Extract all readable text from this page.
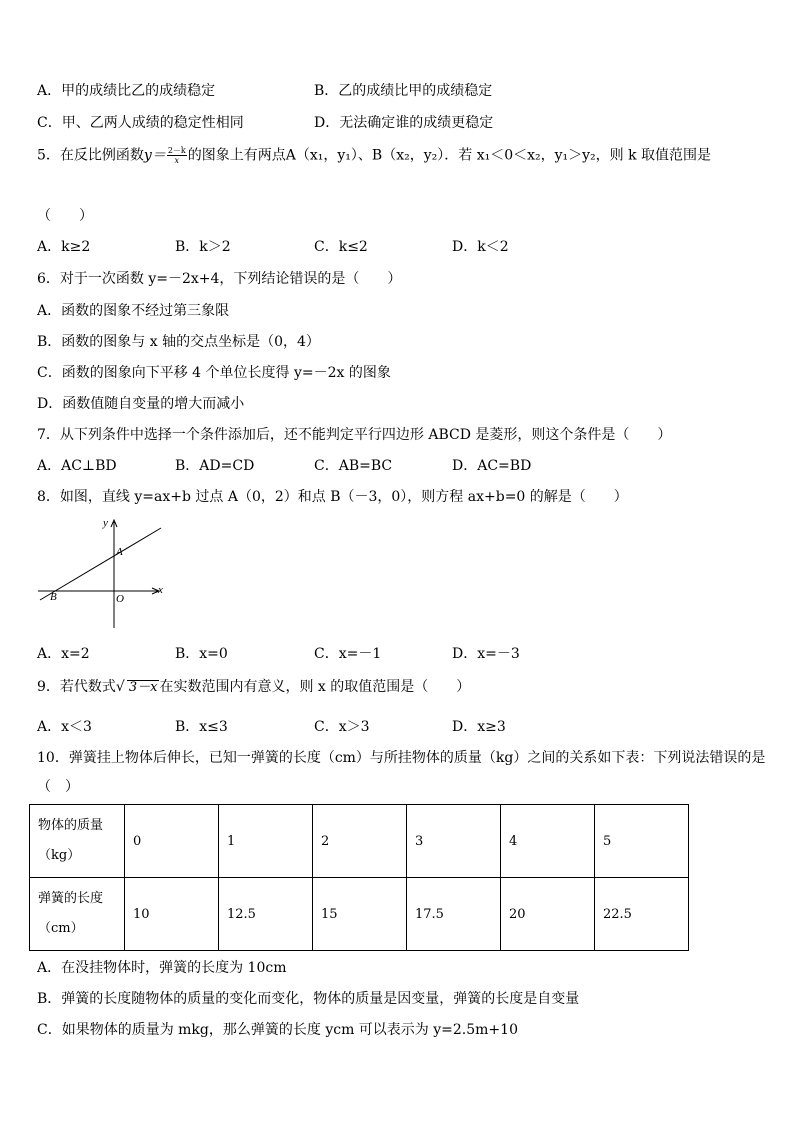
A．甲的成绩比乙的成绩稳定	B．乙的成绩比甲的成绩稳定
C．甲、乙两人成绩的稳定性相同	D．无法确定谁的成绩更稳定
5．在反比例函数$y= \frac{2-k}{x}$ 的图象上有两点A（x₁，y₁）、B（x₂，y₂）．若 x₁＜0＜x₂，y₁＞y₂，则 k 取值范围是
（　　）
A．k≥2	B．k＞2	C．k≤2	D．k＜2
6．对于一次函数 y=－2x+4，下列结论错误的是（　　）
A．函数的图象不经过第三象限
B．函数的图象与 x 轴的交点坐标是（0，4）
C．函数的图象向下平移 4 个单位长度得 y=－2x 的图象
D．函数值随自变量的增大而减小
7．从下列条件中选择一个条件添加后，还不能判定平行四边形 ABCD 是菱形，则这个条件是（　　）
A．AC⊥BD	B．AD=CD	C．AB=BC	D．AC=BD
8．如图，直线 y=ax+b 过点 A（0，2）和点 B（－3，0），则方程 ax+b=0 的解是（　　）
y
x
A
B	O
A．x=2	B．x=0	C．x=－1	D．x=－3
9．若代数式√ 3－x 在实数范围内有意义，则 x 的取值范围是（　　）
A．x＜3	B．x≤3	C．x＞3	D．x≥3
10．弹簧挂上物体后伸长，已知一弹簧的长度（cm）与所挂物体的质量（kg）之间的关系如下表：下列说法错误的是
（　）
物体的质量
（kg）	0	1	2	3	4	5
弹簧的长度
（cm）	10	12.5	15	17.5	20	22.5
A．在没挂物体时，弹簧的长度为 10cm
B．弹簧的长度随物体的质量的变化而变化，物体的质量是因变量，弹簧的长度是自变量
C．如果物体的质量为 mkg，那么弹簧的长度 ycm 可以表示为 y=2.5m+10
